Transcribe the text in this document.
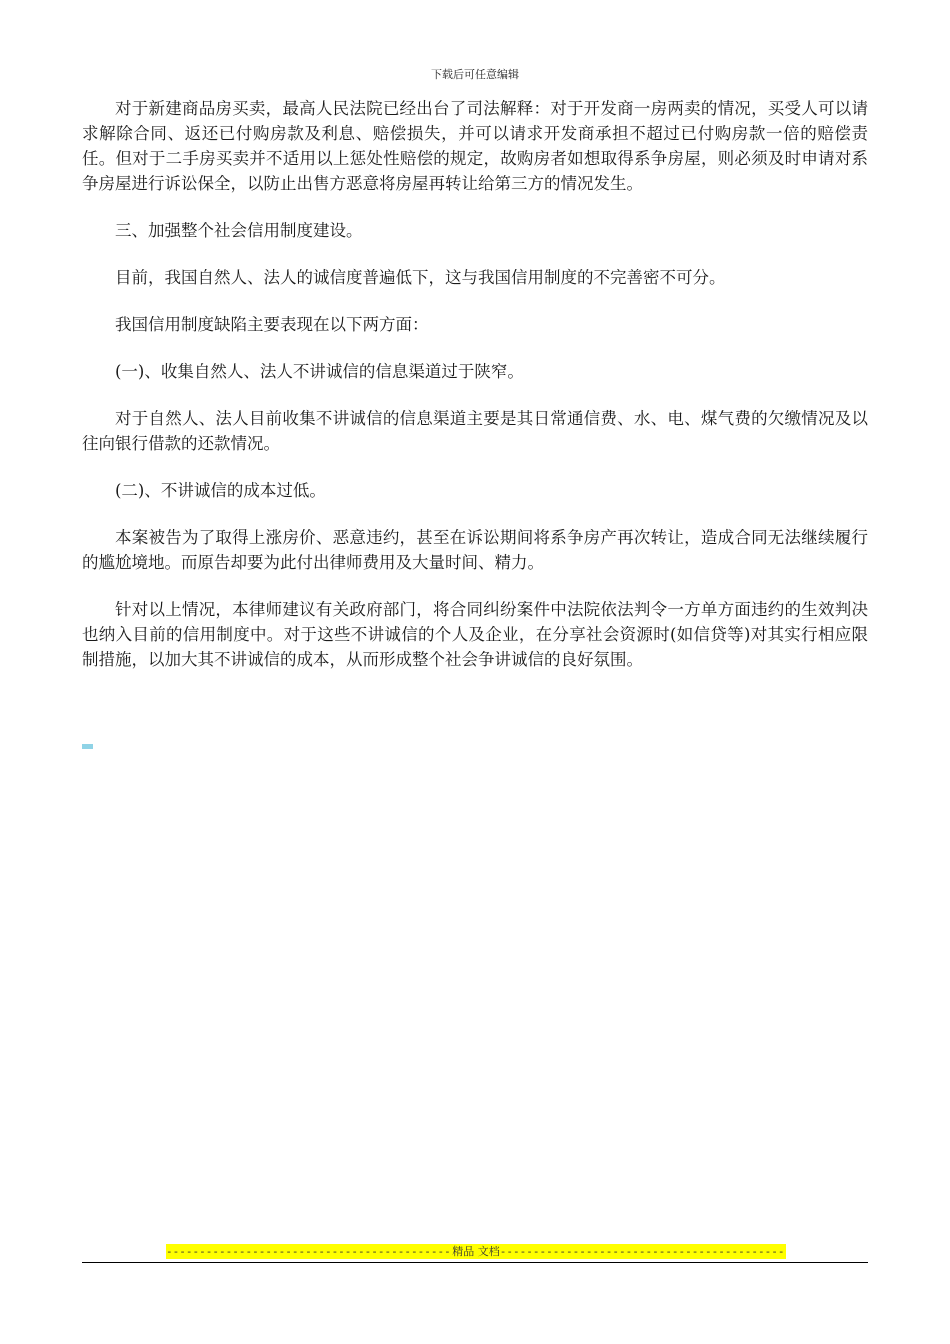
下载后可任意编辑

对于新建商品房买卖，最高人民法院已经出台了司法解释：对于开发商一房两卖的情况，买受人可以请求解除合同、返还已付购房款及利息、赔偿损失，并可以请求开发商承担不超过已付购房款一倍的赔偿责任。但对于二手房买卖并不适用以上惩处性赔偿的规定，故购房者如想取得系争房屋，则必须及时申请对系争房屋进行诉讼保全，以防止出售方恶意将房屋再转让给第三方的情况发生。

三、加强整个社会信用制度建设。

目前，我国自然人、法人的诚信度普遍低下，这与我国信用制度的不完善密不可分。

我国信用制度缺陷主要表现在以下两方面：

(一)、收集自然人、法人不讲诚信的信息渠道过于陕窄。

对于自然人、法人目前收集不讲诚信的信息渠道主要是其日常通信费、水、电、煤气费的欠缴情况及以往向银行借款的还款情况。

(二)、不讲诚信的成本过低。

本案被告为了取得上涨房价、恶意违约，甚至在诉讼期间将系争房产再次转让，造成合同无法继续履行的尴尬境地。而原告却要为此付出律师费用及大量时间、精力。

针对以上情况，本律师建议有关政府部门，将合同纠纷案件中法院依法判令一方单方面违约的生效判决也纳入目前的信用制度中。对于这些不讲诚信的个人及企业，在分享社会资源时(如信贷等)对其实行相应限制措施，以加大其不讲诚信的成本，从而形成整个社会争讲诚信的良好氛围。

-----
精品 文档
-----
